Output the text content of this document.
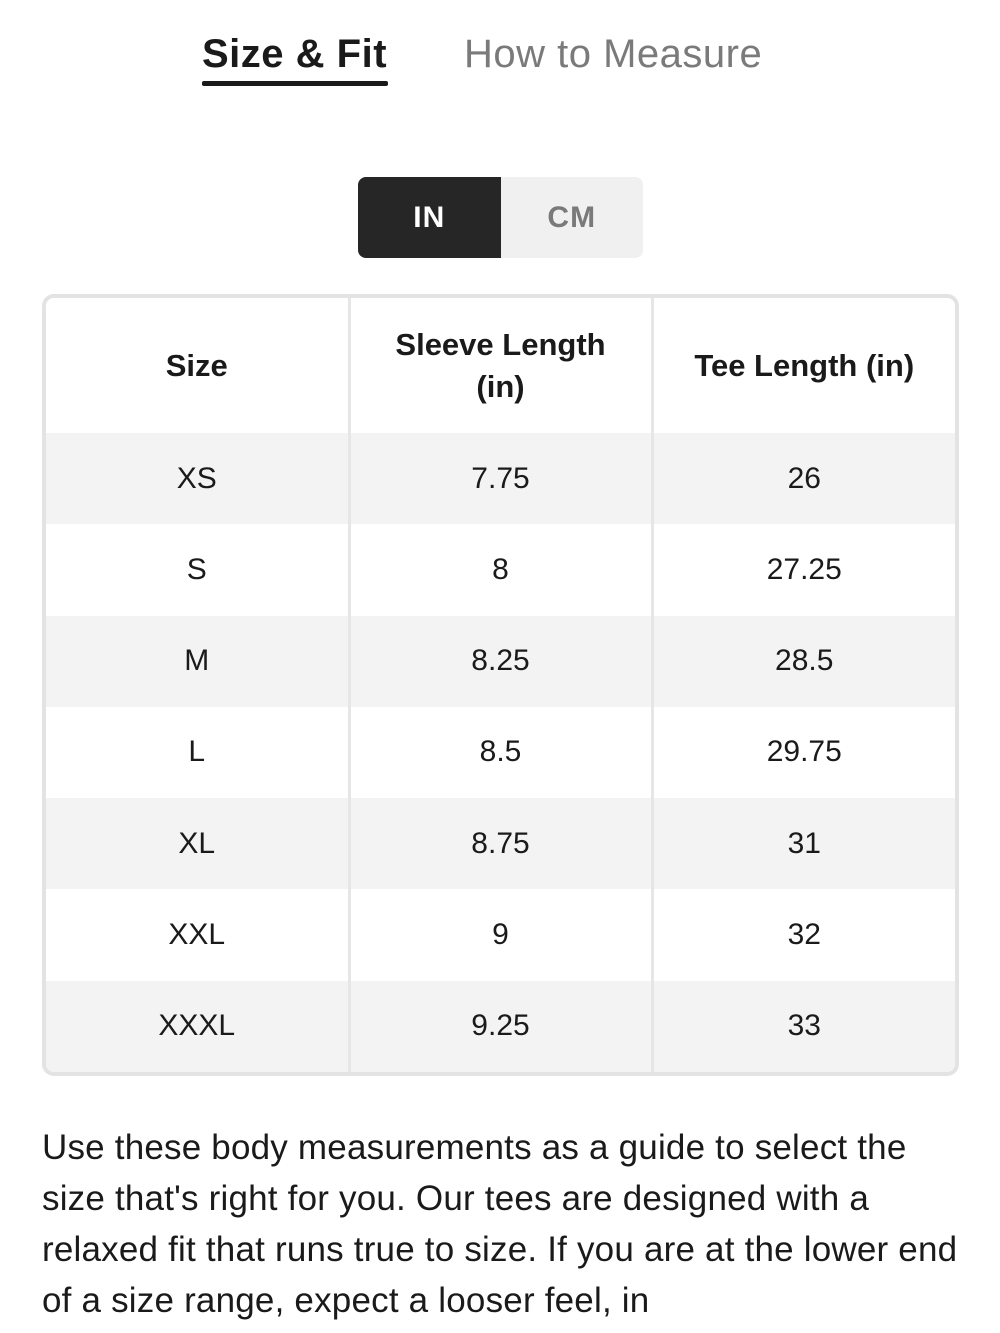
Size & Fit How to Measure
IN	CM
Size	Sleeve Length (in)	Tee Length (in)
XS	7.75	26
S	8	27.25
M	8.25	28.5
L	8.5	29.75
XL	8.75	31
XXL	9	32
XXXL	9.25	33

Use these body measurements as a guide to select the size that's right for you. Our tees are designed with a relaxed fit that runs true to size. If you are at the lower end of a size range, expect a looser feel, in
